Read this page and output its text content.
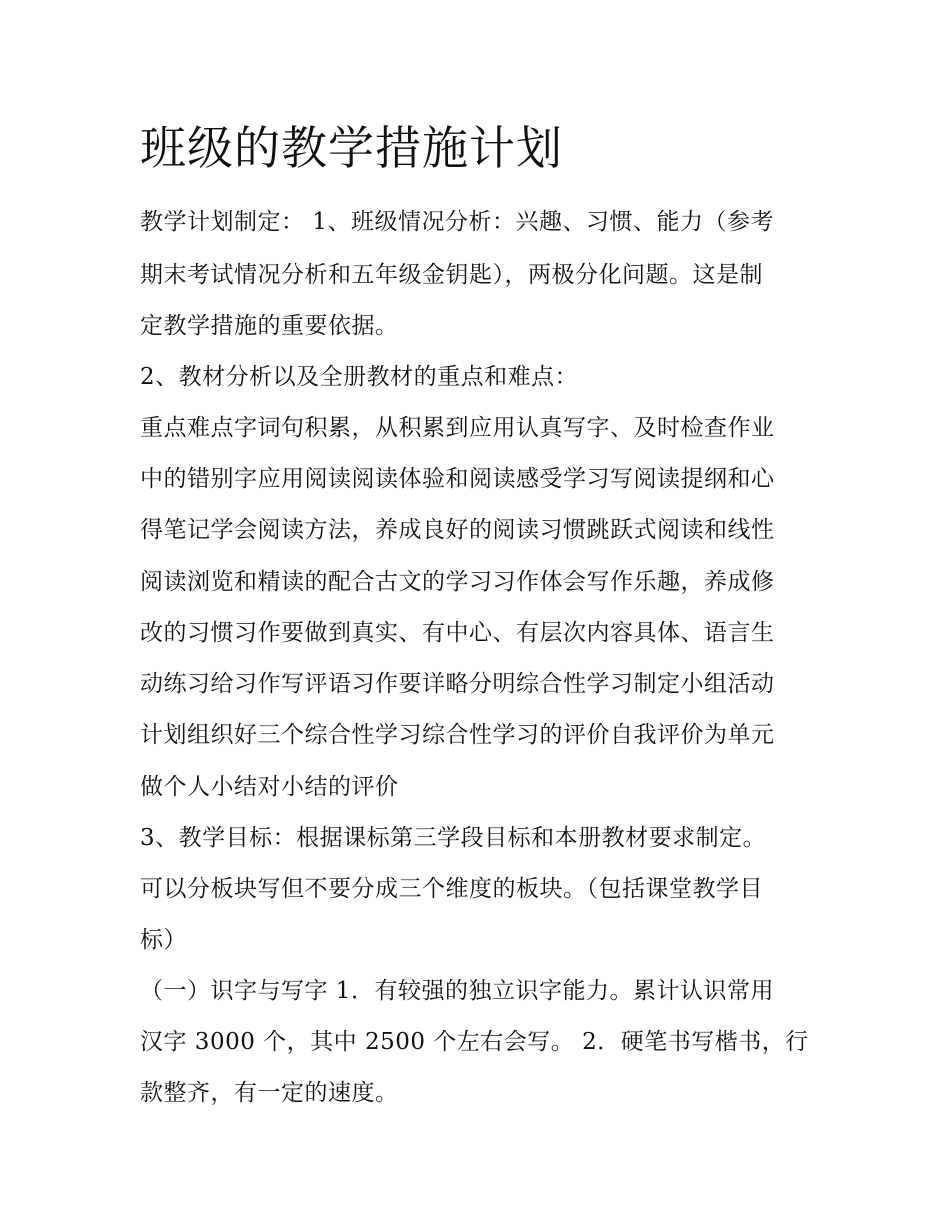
班级的教学措施计划

教学计划制定： 1、班级情况分析：兴趣、习惯、能力（参考

期末考试情况分析和五年级金钥匙），两极分化问题。这是制

定教学措施的重要依据。

2、教材分析以及全册教材的重点和难点：

重点难点字词句积累，从积累到应用认真写字、及时检查作业

中的错别字应用阅读阅读体验和阅读感受学习写阅读提纲和心

得笔记学会阅读方法，养成良好的阅读习惯跳跃式阅读和线性

阅读浏览和精读的配合古文的学习习作体会写作乐趣，养成修

改的习惯习作要做到真实、有中心、有层次内容具体、语言生

动练习给习作写评语习作要详略分明综合性学习制定小组活动

计划组织好三个综合性学习综合性学习的评价自我评价为单元

做个人小结对小结的评价

3、教学目标：根据课标第三学段目标和本册教材要求制定。

可以分板块写但不要分成三个维度的板块。（包括课堂教学目

标）

（一）识字与写字 1．有较强的独立识字能力。累计认识常用

汉字 3000 个，其中 2500 个左右会写。 2．硬笔书写楷书，行

款整齐，有一定的速度。
